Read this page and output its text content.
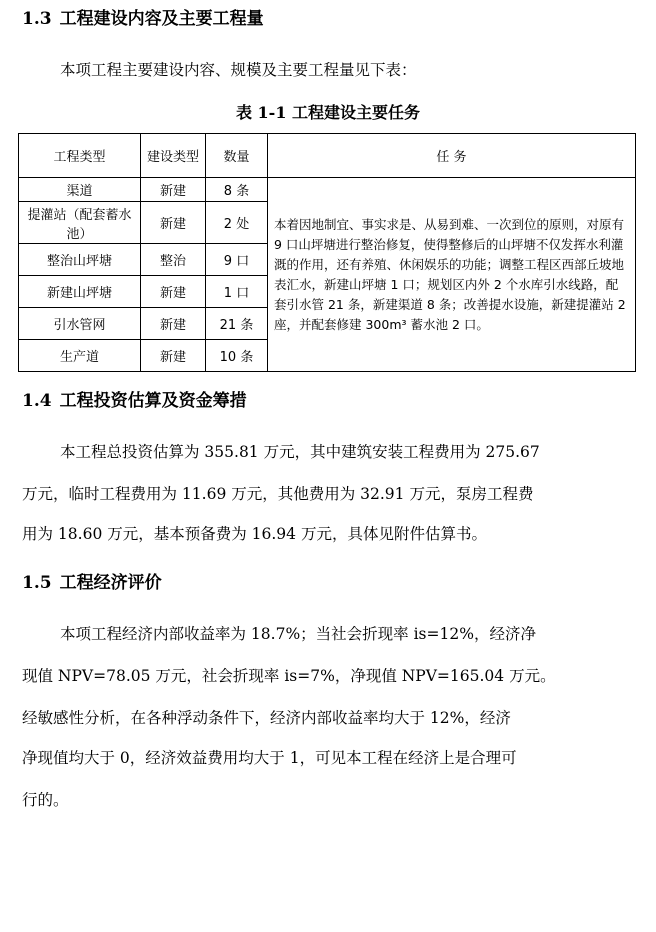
1.3 工程建设内容及主要工程量
本项工程主要建设内容、规模及主要工程量见下表：
表 1-1 工程建设主要任务
工程类型	建设类型	数量	任 务
渠道	新建	8 条	本着因地制宜、事实求是、从易到难、一次到位的原则，对原有 9 口山坪塘进行整治修复，使得整修后的山坪塘不仅发挥水利灌溉的作用，还有养殖、休闲娱乐的功能；调整工程区西部丘坡地表汇水，新建山坪塘 1 口；规划区内外 2 个水库引水线路，配套引水管 21 条，新建渠道 8 条；改善提水设施，新建提灌站 2 座，并配套修建 300m³ 蓄水池 2 口。
提灌站（配套蓄水池）	新建	2 处	
整治山坪塘	整治	9 口	
新建山坪塘	新建	1 口	
引水管网	新建	21 条	
生产道	新建	10 条	
1.4 工程投资估算及资金筹措
本工程总投资估算为 355.81 万元，其中建筑安装工程费用为 275.67
万元，临时工程费用为 11.69 万元，其他费用为 32.91 万元，泵房工程费
用为 18.60 万元，基本预备费为 16.94 万元，具体见附件估算书。
1.5 工程经济评价
本项工程经济内部收益率为 18.7%；当社会折现率 is=12%，经济净
现值 NPV=78.05 万元，社会折现率 is=7%，净现值 NPV=165.04 万元。
经敏感性分析，在各种浮动条件下，经济内部收益率均大于 12%，经济
净现值均大于 0，经济效益费用均大于 1，可见本工程在经济上是合理可
行的。
